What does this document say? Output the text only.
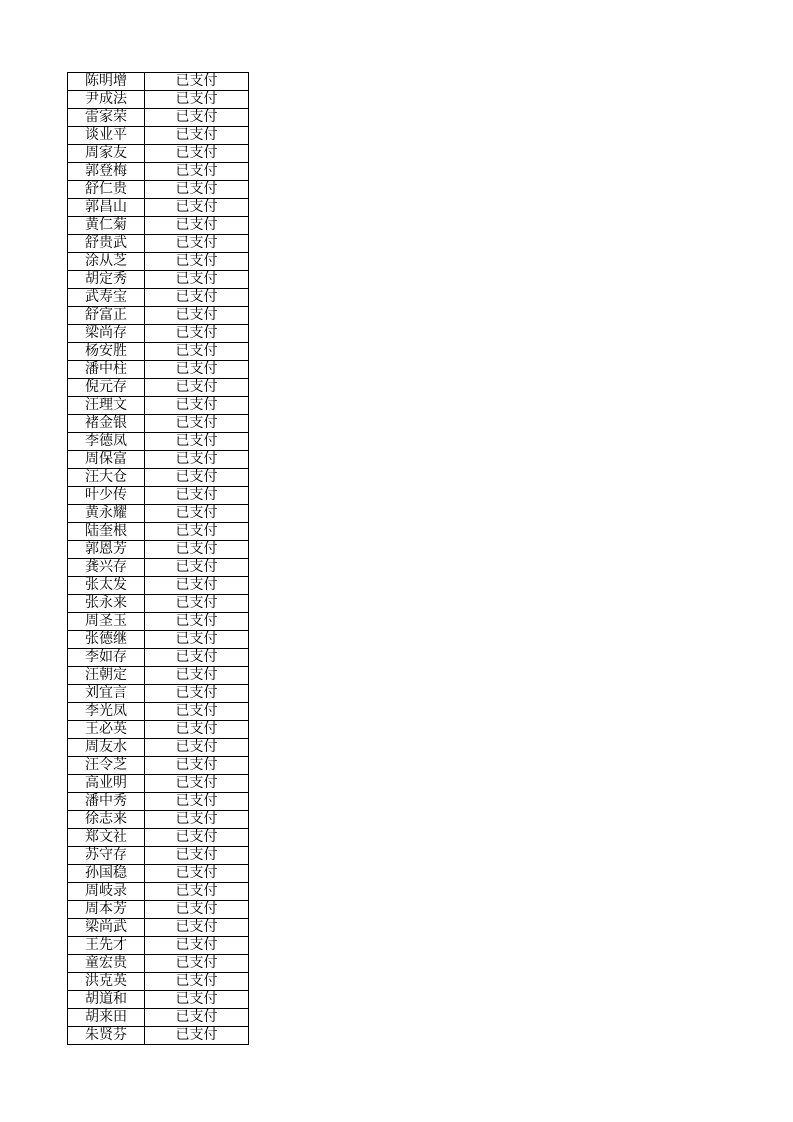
陈明增	已支付
尹成法	已支付
雷家荣	已支付
谈业平	已支付
周家友	已支付
郭登梅	已支付
舒仁贵	已支付
郭昌山	已支付
黄仁菊	已支付
舒贵武	已支付
涂从芝	已支付
胡定秀	已支付
武寿宝	已支付
舒富正	已支付
梁尚存	已支付
杨安胜	已支付
潘中柱	已支付
倪元存	已支付
汪理文	已支付
褚金银	已支付
李德凤	已支付
周保富	已支付
汪大仓	已支付
叶少传	已支付
黄永耀	已支付
陆奎根	已支付
郭恩芳	已支付
龚兴存	已支付
张太发	已支付
张永来	已支付
周圣玉	已支付
张德继	已支付
李如存	已支付
汪朝定	已支付
刘宜言	已支付
李光凤	已支付
王必英	已支付
周友水	已支付
汪令芝	已支付
高业明	已支付
潘中秀	已支付
徐志来	已支付
郑文社	已支付
苏守存	已支付
孙国稳	已支付
周岐录	已支付
周本芳	已支付
梁尚武	已支付
王先才	已支付
童宏贵	已支付
洪克英	已支付
胡道和	已支付
胡来田	已支付
朱贤芬	已支付
